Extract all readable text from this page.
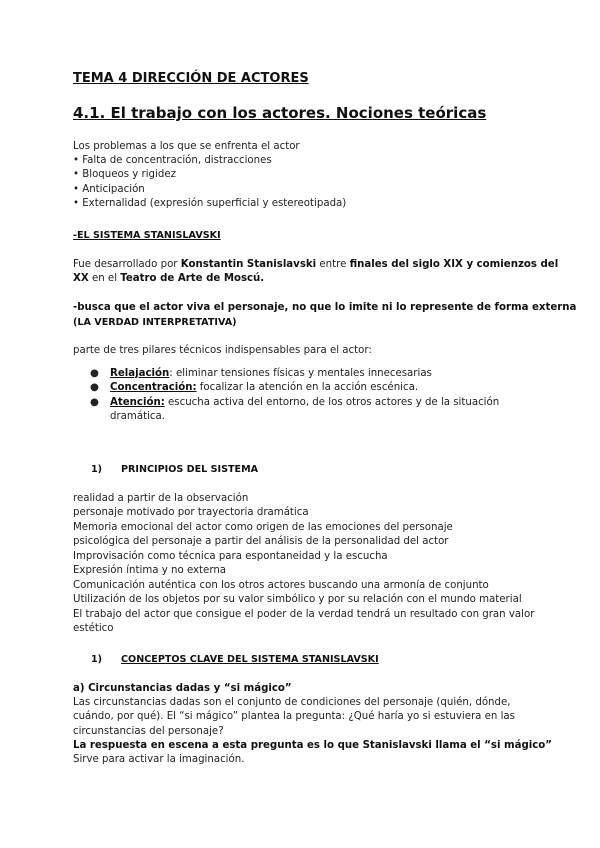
TEMA 4 DIRECCIÓN DE ACTORES
4.1. El trabajo con los actores. Nociones teóricas
Los problemas a los que se enfrenta el actor
• Falta de concentración, distracciones
• Bloqueos y rigidez
• Anticipación
• Externalidad (expresión superficial y estereotipada)
-EL SISTEMA STANISLAVSKI
Fue desarrollado por Konstantin Stanislavski entre finales del siglo XIX y comienzos del
XX en el Teatro de Arte de Moscú.
-busca que el actor viva el personaje, no que lo imite ni lo represente de forma externa
(LA VERDAD INTERPRETATIVA)
parte de tres pilares técnicos indispensables para el actor:
● Relajación: eliminar tensiones físicas y mentales innecesarias
● Concentración: focalizar la atención en la acción escénica.
● Atención: escucha activa del entorno, de los otros actores y de la situación
dramática.
1) PRINCIPIOS DEL SISTEMA
realidad a partir de la observación
personaje motivado por trayectoria dramática
Memoria emocional del actor como origen de las emociones del personaje
psicológica del personaje a partir del análisis de la personalidad del actor
Improvisación como técnica para espontaneidad y la escucha
Expresión íntima y no externa
Comunicación auténtica con los otros actores buscando una armonía de conjunto
Utilización de los objetos por su valor simbólico y por su relación con el mundo material
El trabajo del actor que consigue el poder de la verdad tendrá un resultado con gran valor
estético
1) CONCEPTOS CLAVE DEL SISTEMA STANISLAVSKI
a) Circunstancias dadas y “si mágico”
Las circunstancias dadas son el conjunto de condiciones del personaje (quién, dónde,
cuándo, por qué). El “si mágico” plantea la pregunta: ¿Qué haría yo si estuviera en las
circunstancias del personaje?
La respuesta en escena a esta pregunta es lo que Stanislavski llama el “si mágico”
Sirve para activar la imaginación.
